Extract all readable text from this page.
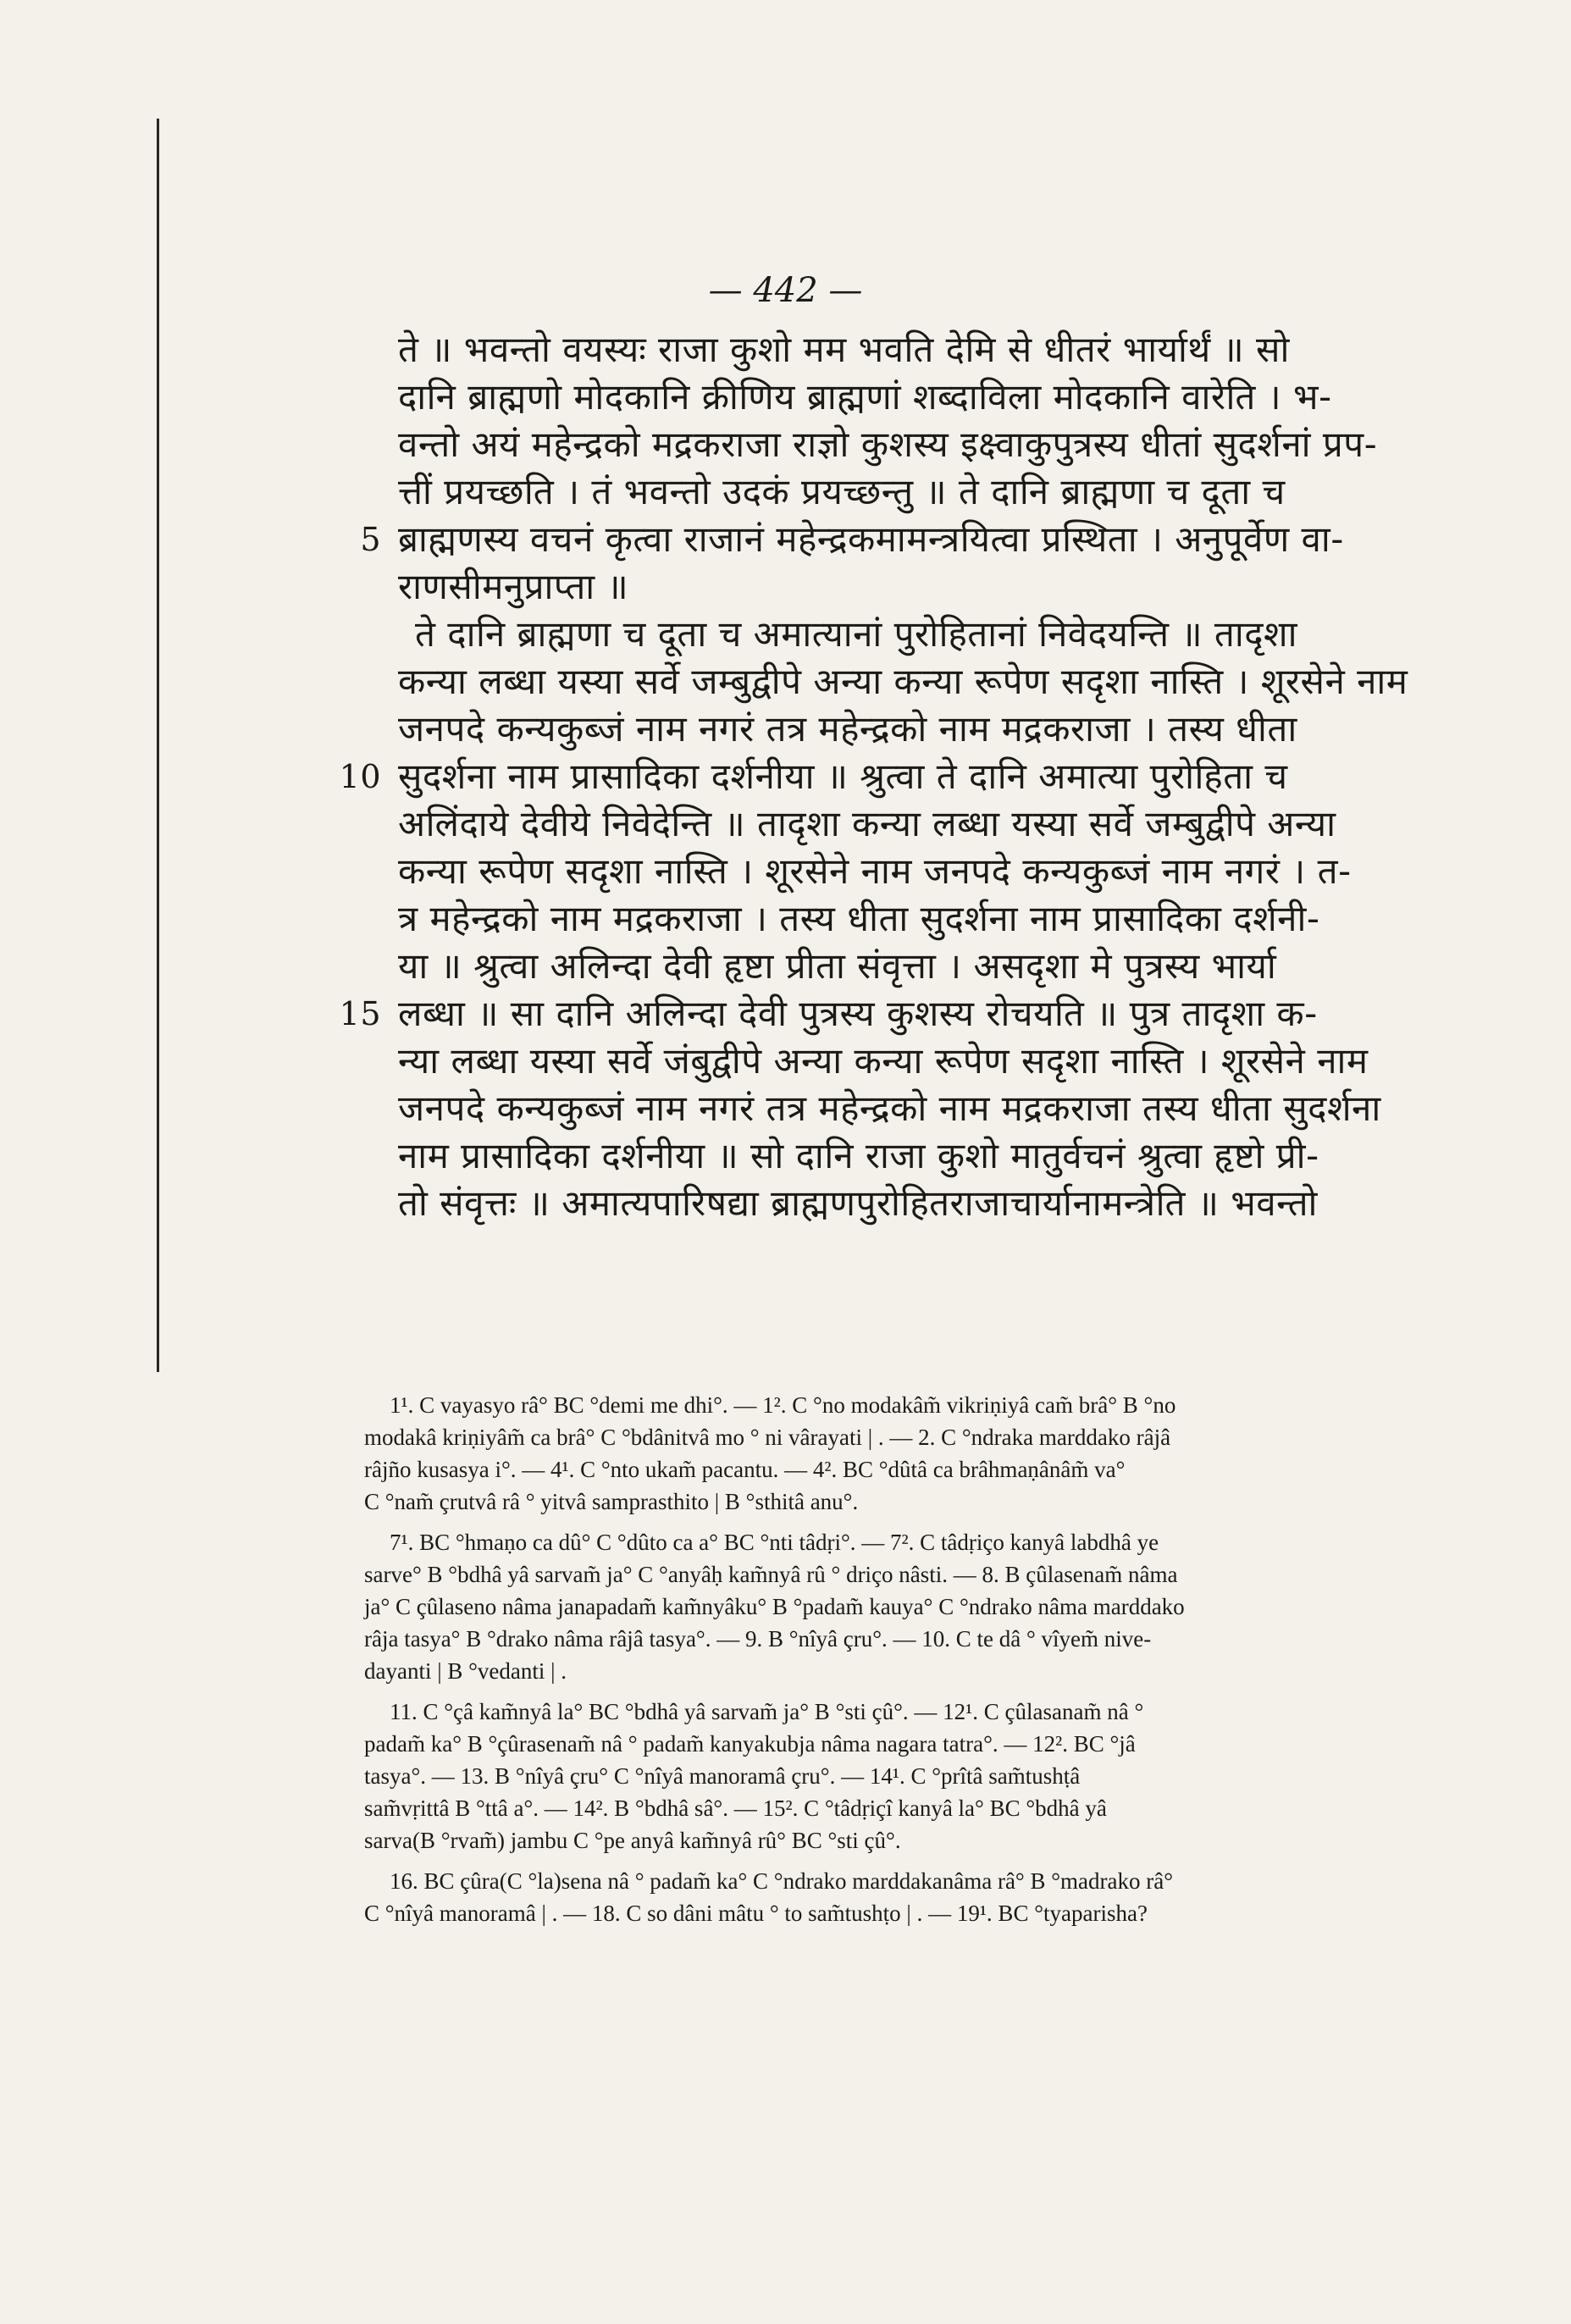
— 442 —
ते ॥ भवन्तो वयस्यः राजा कुशो मम भवति देमि से धीतरं भार्यार्थं ॥ सो
दानि ब्राह्मणो मोदकानि क्रीणिय ब्राह्मणां शब्दाविला मोदकानि वारेति । भ-
वन्तो अयं महेन्द्रको मद्रकराजा राज्ञो कुशस्य इक्ष्वाकुपुत्रस्य धीतां सुदर्शनां प्रप-
त्तीं प्रयच्छति । तं भवन्तो उदकं प्रयच्छन्तु ॥ ते दानि ब्राह्मणा च दूता च
5 ब्राह्मणस्य वचनं कृत्वा राजानं महेन्द्रकमामन्त्रयित्वा प्रस्थिता । अनुपूर्वेण वा-
राणसीमनुप्राप्ता ॥
ते दानि ब्राह्मणा च दूता च अमात्यानां पुरोहितानां निवेदयन्ति ॥ तादृशा
कन्या लब्धा यस्या सर्वे जम्बुद्वीपे अन्या कन्या रूपेण सदृशा नास्ति । शूरसेने नाम
जनपदे कन्यकुब्जं नाम नगरं तत्र महेन्द्रको नाम मद्रकराजा । तस्य धीता
10 सुदर्शना नाम प्रासादिका दर्शनीया ॥ श्रुत्वा ते दानि अमात्या पुरोहिता च
अलिंदाये देवीये निवेदेन्ति ॥ तादृशा कन्या लब्धा यस्या सर्वे जम्बुद्वीपे अन्या
कन्या रूपेण सदृशा नास्ति । शूरसेने नाम जनपदे कन्यकुब्जं नाम नगरं । त-
त्र महेन्द्रको नाम मद्रकराजा । तस्य धीता सुदर्शना नाम प्रासादिका दर्शनी-
या ॥ श्रुत्वा अलिन्दा देवी हृष्टा प्रीता संवृत्ता । असदृशा मे पुत्रस्य भार्या
15 लब्धा ॥ सा दानि अलिन्दा देवी पुत्रस्य कुशस्य रोचयति ॥ पुत्र तादृशा क-
न्या लब्धा यस्या सर्वे जंबुद्वीपे अन्या कन्या रूपेण सदृशा नास्ति । शूरसेने नाम
जनपदे कन्यकुब्जं नाम नगरं तत्र महेन्द्रको नाम मद्रकराजा तस्य धीता सुदर्शना
नाम प्रासादिका दर्शनीया ॥ सो दानि राजा कुशो मातुर्वचनं श्रुत्वा हृष्टो प्री-
तो संवृत्तः ॥ अमात्यपारिषद्या ब्राह्मणपुरोहितराजाचार्यानामन्त्रेति ॥ भवन्तो
1¹. C vayasyo râ° BC °demi me dhi°. — 1². C °no modakâm̃ vikriṇiyâ cam̃ brâ° B °no
modakâ kriṇiyâm̃ ca brâ° C °bdânitvâ mo ° ni vârayati | . — 2. C °ndraka marddako râjâ
râjño kusasya i°. — 4¹. C °nto ukam̃ pacantu. — 4². BC °dûtâ ca brâhmaṇânâm̃ va°
C °nam̃ çrutvâ râ ° yitvâ samprasthito | B °sthitâ anu°.
7¹. BC °hmaṇo ca dû° C °dûto ca a° BC °nti tâdṛi°. — 7². C tâdṛiço kanyâ labdhâ ye
sarve° B °bdhâ yâ sarvam̃ ja° C °anyâḥ kam̃nyâ rû ° driço nâsti. — 8. B çûlasenam̃ nâma
ja° C çûlaseno nâma janapadam̃ kam̃nyâku° B °padam̃ kauya° C °ndrako nâma marddako
râja tasya° B °drako nâma râjâ tasya°. — 9. B °nîyâ çru°. — 10. C te dâ ° vîyem̃ nive-
dayanti | B °vedanti | .
11. C °çâ kam̃nyâ la° BC °bdhâ yâ sarvam̃ ja° B °sti çû°. — 12¹. C çûlasanam̃ nâ °
padam̃ ka° B °çûrasenam̃ nâ ° padam̃ kanyakubja nâma nagara tatra°. — 12². BC °jâ
tasya°. — 13. B °nîyâ çru° C °nîyâ manoramâ çru°. — 14¹. C °prîtâ sam̃tushṭâ
sam̃vṛittâ B °ttâ a°. — 14². B °bdhâ sâ°. — 15². C °tâdṛiçî kanyâ la° BC °bdhâ yâ
sarva(B °rvam̃) jambu C °pe anyâ kam̃nyâ rû° BC °sti çû°.
16. BC çûra(C °la)sena nâ ° padam̃ ka° C °ndrako marddakanâma râ° B °madrako râ°
C °nîyâ manoramâ | . — 18. C so dâni mâtu ° to sam̃tushṭo | . — 19¹. BC °tyaparisha?
